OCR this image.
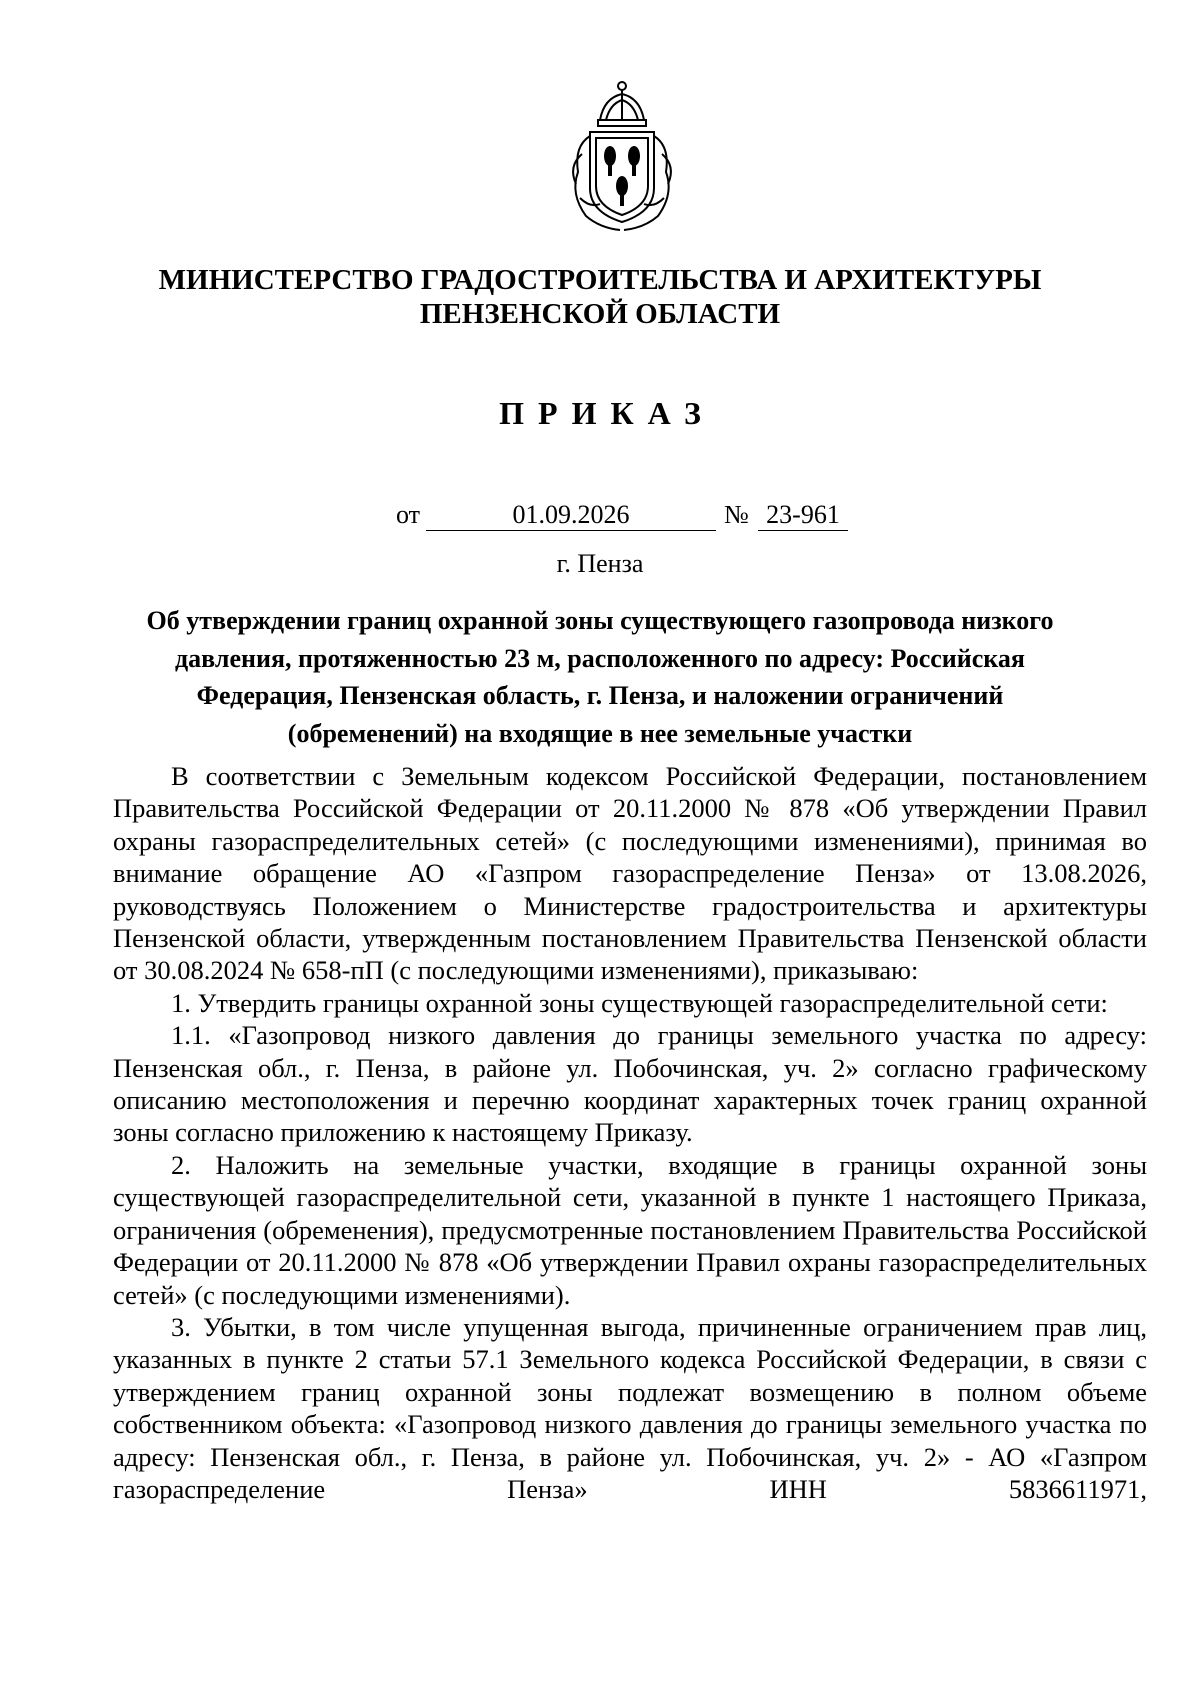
МИНИСТЕРСТВО ГРАДОСТРОИТЕЛЬСТВА И АРХИТЕКТУРЫ
ПЕНЗЕНСКОЙ ОБЛАСТИ
ПРИКАЗ
от	01.09.2026	№ 23-961
г. Пенза
Об утверждении границ охранной зоны существующего газопровода низкого давления, протяженностью 23 м, расположенного по адресу: Российская Федерация, Пензенская область, г. Пенза, и наложении ограничений (обременений) на входящие в нее земельные участки

В соответствии с Земельным кодексом Российской Федерации, постановлением Правительства Российской Федерации от 20.11.2000 № 878 «Об утверждении Правил охраны газораспределительных сетей» (с последующими изменениями), принимая во внимание обращение АО «Газпром газораспределение Пенза» от 13.08.2026, руководствуясь Положением о Министерстве градостроительства и архитектуры Пензенской области, утвержденным постановлением Правительства Пензенской области от 30.08.2024 № 658-пП (с последующими изменениями), приказываю:

1. Утвердить границы охранной зоны существующей газораспределительной сети:

1.1. «Газопровод низкого давления до границы земельного участка по адресу: Пензенская обл., г. Пенза, в районе ул. Побочинская, уч. 2» согласно графическому описанию местоположения и перечню координат характерных точек границ охранной зоны согласно приложению к настоящему Приказу.

2. Наложить на земельные участки, входящие в границы охранной зоны существующей газораспределительной сети, указанной в пункте 1 настоящего Приказа, ограничения (обременения), предусмотренные постановлением Правительства Российской Федерации от 20.11.2000 № 878 «Об утверждении Правил охраны газораспределительных сетей» (с последующими изменениями).

3. Убытки, в том числе упущенная выгода, причиненные ограничением прав лиц, указанных в пункте 2 статьи 57.1 Земельного кодекса Российской Федерации, в связи с утверждением границ охранной зоны подлежат возмещению в полном объеме собственником объекта: «Газопровод низкого давления до границы земельного участка по адресу: Пензенская обл., г. Пенза, в районе ул. Побочинская, уч. 2» - АО «Газпром газораспределение Пенза» ИНН 5836611971,
